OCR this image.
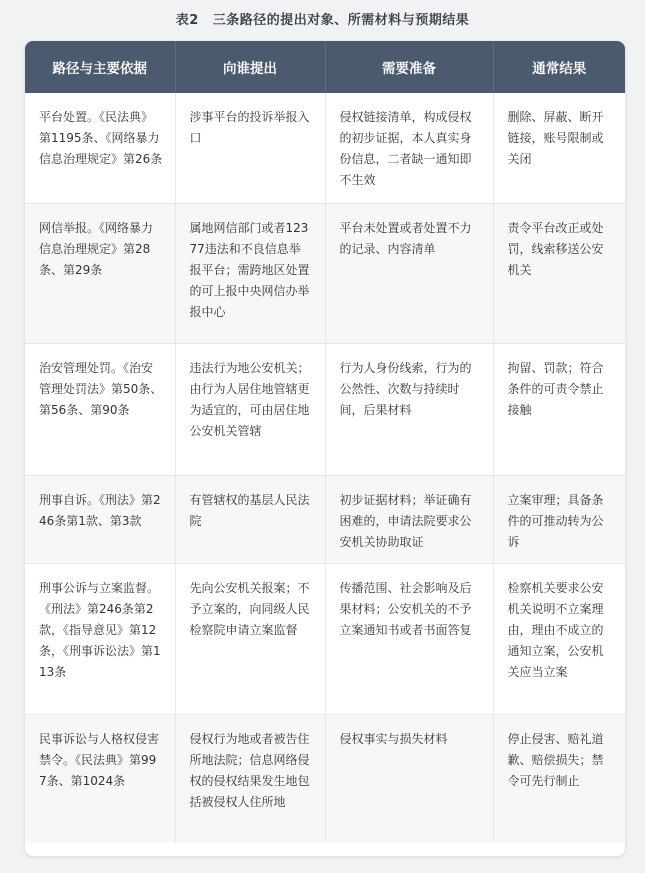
表2 三条路径的提出对象、所需材料与预期结果
路径与主要依据	向谁提出	需要准备	通常结果
平台处置。《民法典》第1195条、《网络暴力信息治理规定》第26条	涉事平台的投诉举报入口	侵权链接清单，构成侵权的初步证据，本人真实身份信息，二者缺一通知即不生效	删除、屏蔽、断开链接，账号限制或关闭
网信举报。《网络暴力信息治理规定》第28条、第29条	属地网信部门或者12377违法和不良信息举报平台；需跨地区处置的可上报中央网信办举报中心	平台未处置或者处置不力的记录、内容清单	责令平台改正或处罚，线索移送公安机关
治安管理处罚。《治安管理处罚法》第50条、第56条、第90条	违法行为地公安机关；由行为人居住地管辖更为适宜的，可由居住地公安机关管辖	行为人身份线索，行为的公然性、次数与持续时间，后果材料	拘留、罚款；符合条件的可责令禁止接触
刑事自诉。《刑法》第246条第1款、第3款	有管辖权的基层人民法院	初步证据材料；举证确有困难的，申请法院要求公安机关协助取证	立案审理；具备条件的可推动转为公诉
刑事公诉与立案监督。《刑法》第246条第2款，《指导意见》第12条，《刑事诉讼法》第113条	先向公安机关报案；不予立案的，向同级人民检察院申请立案监督	传播范围、社会影响及后果材料；公安机关的不予立案通知书或者书面答复	检察机关要求公安机关说明不立案理由，理由不成立的通知立案，公安机关应当立案
民事诉讼与人格权侵害禁令。《民法典》第997条、第1024条	侵权行为地或者被告住所地法院；信息网络侵权的侵权结果发生地包括被侵权人住所地	侵权事实与损失材料	停止侵害、赔礼道歉、赔偿损失；禁令可先行制止
